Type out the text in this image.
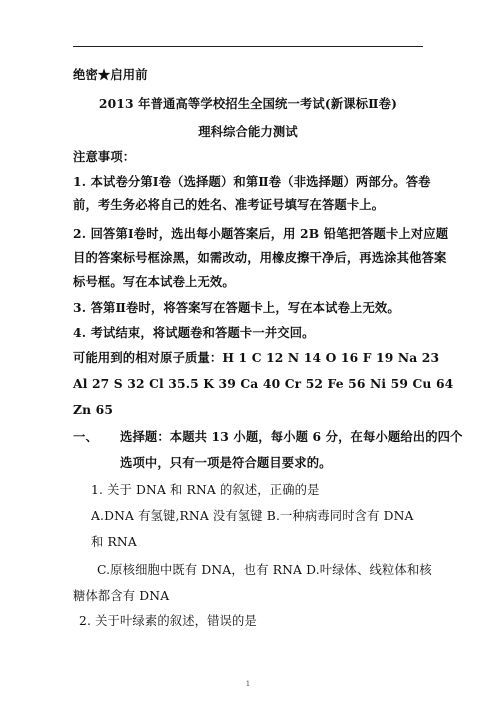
绝密★启用前
2013 年普通高等学校招生全国统一考试(新课标Ⅱ卷)
理科综合能力测试
注意事项：
1. 本试卷分第Ⅰ卷（选择题）和第Ⅱ卷（非选择题）两部分。答卷
前，考生务必将自己的姓名、准考证号填写在答题卡上。
2. 回答第Ⅰ卷时，选出每小题答案后，用 2B 铅笔把答题卡上对应题
目的答案标号框涂黑，如需改动，用橡皮擦干净后，再选涂其他答案
标号框。写在本试卷上无效。
3. 答第Ⅱ卷时，将答案写在答题卡上，写在本试卷上无效。
4. 考试结束，将试题卷和答题卡一并交回。
可能用到的相对原子质量：H 1 C 12 N 14 O 16 F 19 Na 23
Al 27 S 32 Cl 35.5 K 39 Ca 40 Cr 52 Fe 56 Ni 59 Cu 64
Zn 65
一、 选择题：本题共 13 小题，每小题 6 分，在每小题给出的四个
选项中，只有一项是符合题目要求的。
1. 关于 DNA 和 RNA 的叙述，正确的是
A.DNA 有氢键,RNA 没有氢键 B.一种病毒同时含有 DNA
和 RNA
C.原核细胞中既有 DNA，也有 RNA D.叶绿体、线粒体和核
糖体都含有 DNA
2. 关于叶绿素的叙述，错误的是
1
